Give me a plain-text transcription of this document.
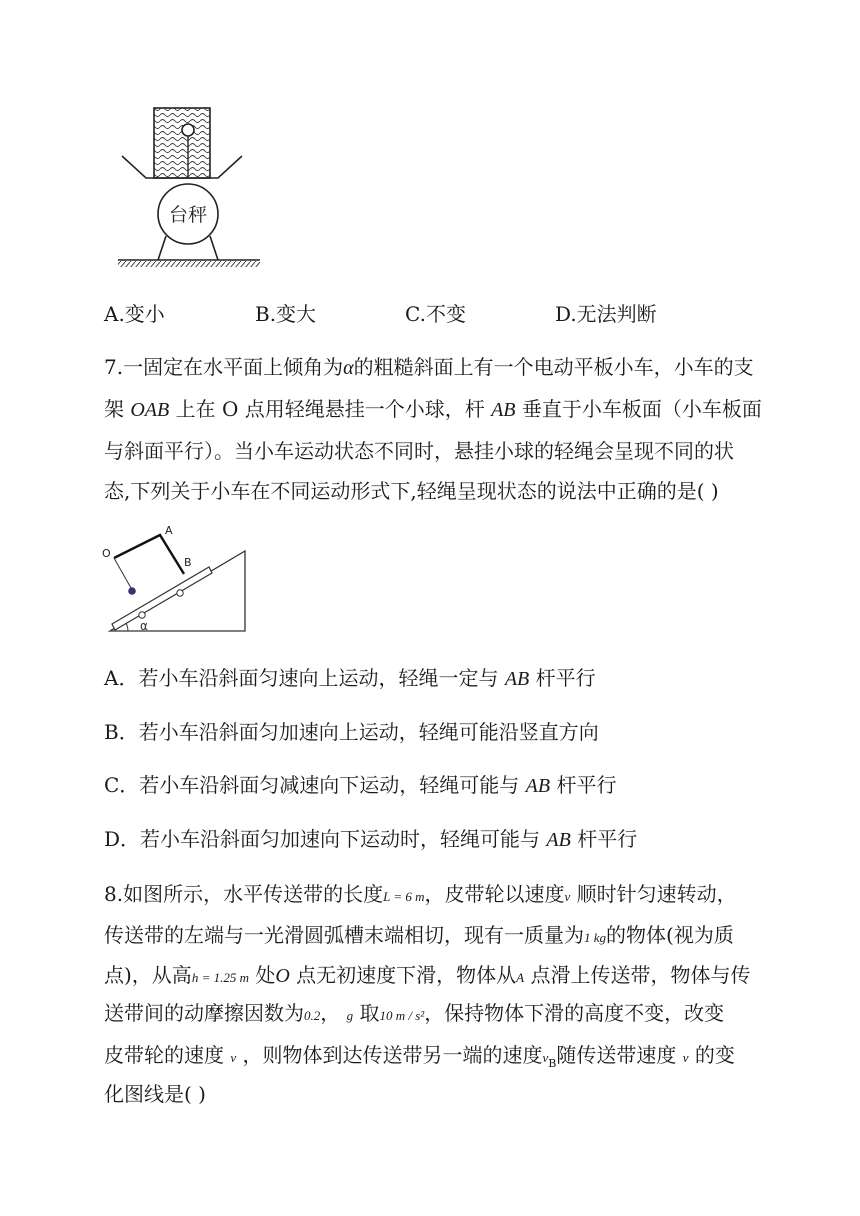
台秤
A.变小	B.变大	C.不变	D.无法判断
7.一固定在水平面上倾角为α的粗糙斜面上有一个电动平板小车，小车的支
架 OAB 上在 O 点用轻绳悬挂一个小球，杆 AB 垂直于小车板面（小车板面
与斜面平行）。当小车运动状态不同时，悬挂小球的轻绳会呈现不同的状
态,下列关于小车在不同运动形式下,轻绳呈现状态的说法中正确的是( )
α
A
O
B
A．若小车沿斜面匀速向上运动，轻绳一定与 AB 杆平行
B．若小车沿斜面匀加速向上运动，轻绳可能沿竖直方向
C．若小车沿斜面匀减速向下运动，轻绳可能与 AB 杆平行
D．若小车沿斜面匀加速向下运动时，轻绳可能与 AB 杆平行
8.如图所示，水平传送带的长度L = 6 m，皮带轮以速度v 顺时针匀速转动，
传送带的左端与一光滑圆弧槽末端相切，现有一质量为1 kg的物体(视为质
点)，从高h = 1.25 m 处O 点无初速度下滑，物体从A 点滑上传送带，物体与传
送带间的动摩擦因数为0.2， g 取10 m / s²，保持物体下滑的高度不变，改变
皮带轮的速度 v ，则物体到达传送带另一端的速度$v_B$随传送带速度 v 的变
化图线是( )
